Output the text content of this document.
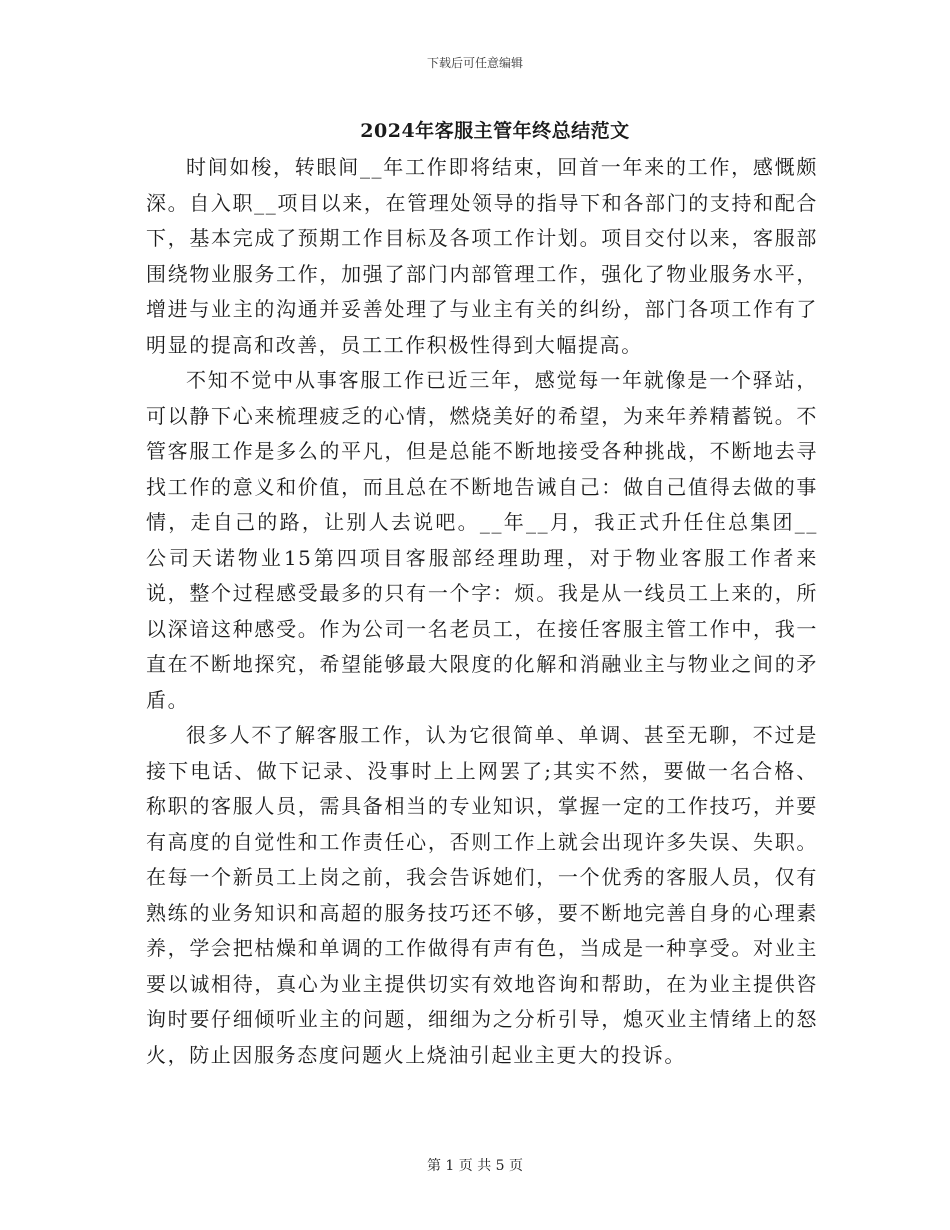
下载后可任意编辑
2024年客服主管年终总结范文

时间如梭，转眼间__年工作即将结束，回首一年来的工作，感慨颇深。自入职__项目以来，在管理处领导的指导下和各部门的支持和配合下，基本完成了预期工作目标及各项工作计划。项目交付以来，客服部围绕物业服务工作，加强了部门内部管理工作，强化了物业服务水平，增进与业主的沟通并妥善处理了与业主有关的纠纷，部门各项工作有了明显的提高和改善，员工工作积极性得到大幅提高。

不知不觉中从事客服工作已近三年，感觉每一年就像是一个驿站，可以静下心来梳理疲乏的心情，燃烧美好的希望，为来年养精蓄锐。不管客服工作是多么的平凡，但是总能不断地接受各种挑战，不断地去寻找工作的意义和价值，而且总在不断地告诫自己：做自己值得去做的事情，走自己的路，让别人去说吧。__年__月，我正式升任住总集团__公司天诺物业15第四项目客服部经理助理，对于物业客服工作者来说，整个过程感受最多的只有一个字：烦。我是从一线员工上来的，所以深谙这种感受。作为公司一名老员工，在接任客服主管工作中，我一直在不断地探究，希望能够最大限度的化解和消融业主与物业之间的矛盾。

很多人不了解客服工作，认为它很简单、单调、甚至无聊，不过是接下电话、做下记录、没事时上上网罢了;其实不然，要做一名合格、称职的客服人员，需具备相当的专业知识，掌握一定的工作技巧，并要有高度的自觉性和工作责任心，否则工作上就会出现许多失误、失职。在每一个新员工上岗之前，我会告诉她们，一个优秀的客服人员，仅有熟练的业务知识和高超的服务技巧还不够，要不断地完善自身的心理素养，学会把枯燥和单调的工作做得有声有色，当成是一种享受。对业主要以诚相待，真心为业主提供切实有效地咨询和帮助，在为业主提供咨询时要仔细倾听业主的问题，细细为之分析引导，熄灭业主情绪上的怒火，防止因服务态度问题火上烧油引起业主更大的投诉。

第 1 页 共 5 页
